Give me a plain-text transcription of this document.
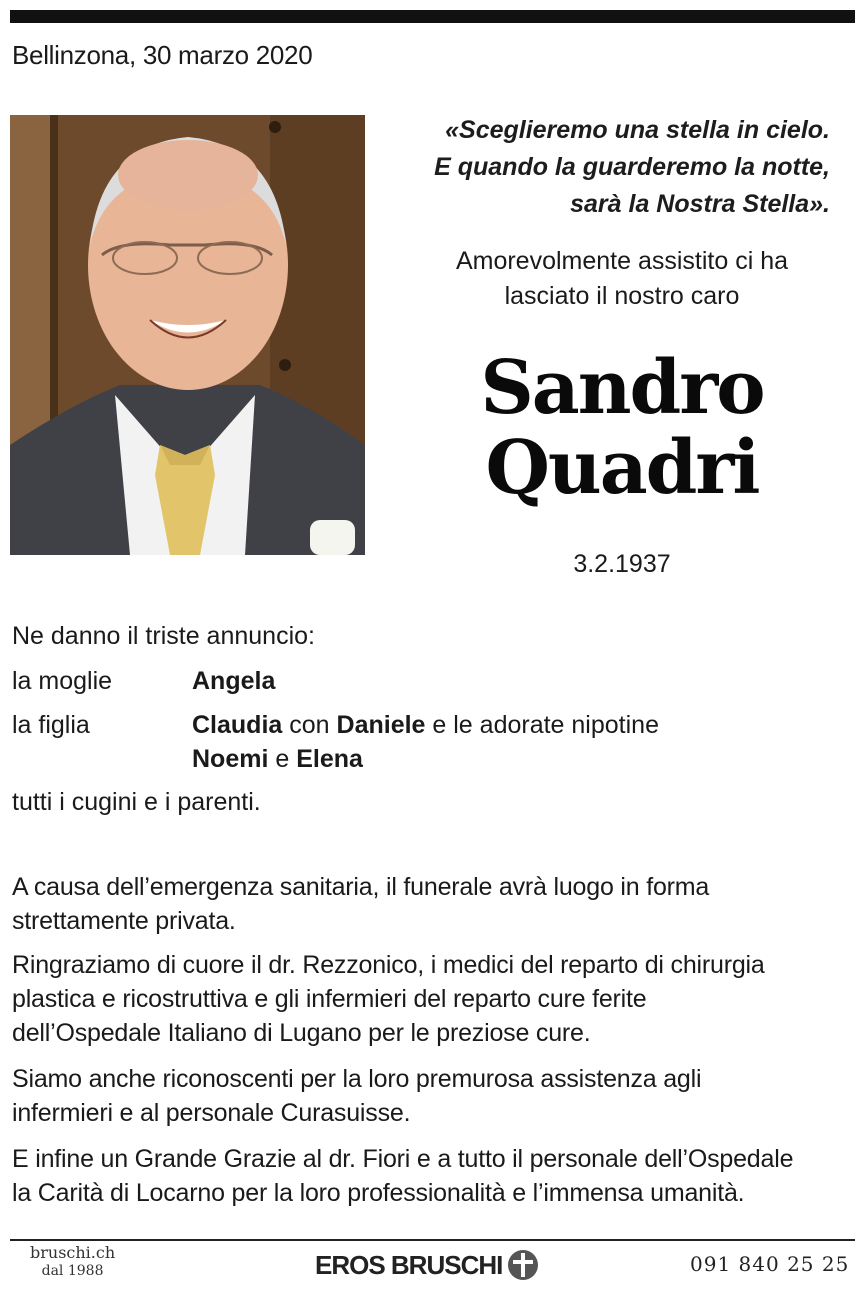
Bellinzona, 30 marzo 2020
«Sceglieremo una stella in cielo.
E quando la guarderemo la notte,
sarà la Nostra Stella».
Amorevolmente assistito ci ha
lasciato il nostro caro
Sandro
Quadri
3.2.1937
Ne danno il triste annuncio:
la moglie	Angela
la figlia	Claudia con Daniele e le adorate nipotine
Noemi e Elena
tutti i cugini e i parenti.
A causa dell’emergenza sanitaria, il funerale avrà luogo in forma
strettamente privata.
Ringraziamo di cuore il dr. Rezzonico, i medici del reparto di chirurgia
plastica e ricostruttiva e gli infermieri del reparto cure ferite
dell’Ospedale Italiano di Lugano per le preziose cure.
Siamo anche riconoscenti per la loro premurosa assistenza agli
infermieri e al personale Curasuisse.
E infine un Grande Grazie al dr. Fiori e a tutto il personale dell’Ospedale
la Carità di Locarno per la loro professionalità e l’immensa umanità.
bruschi.ch
dal 1988	EROS BRUSCHI	091 840 25 25
